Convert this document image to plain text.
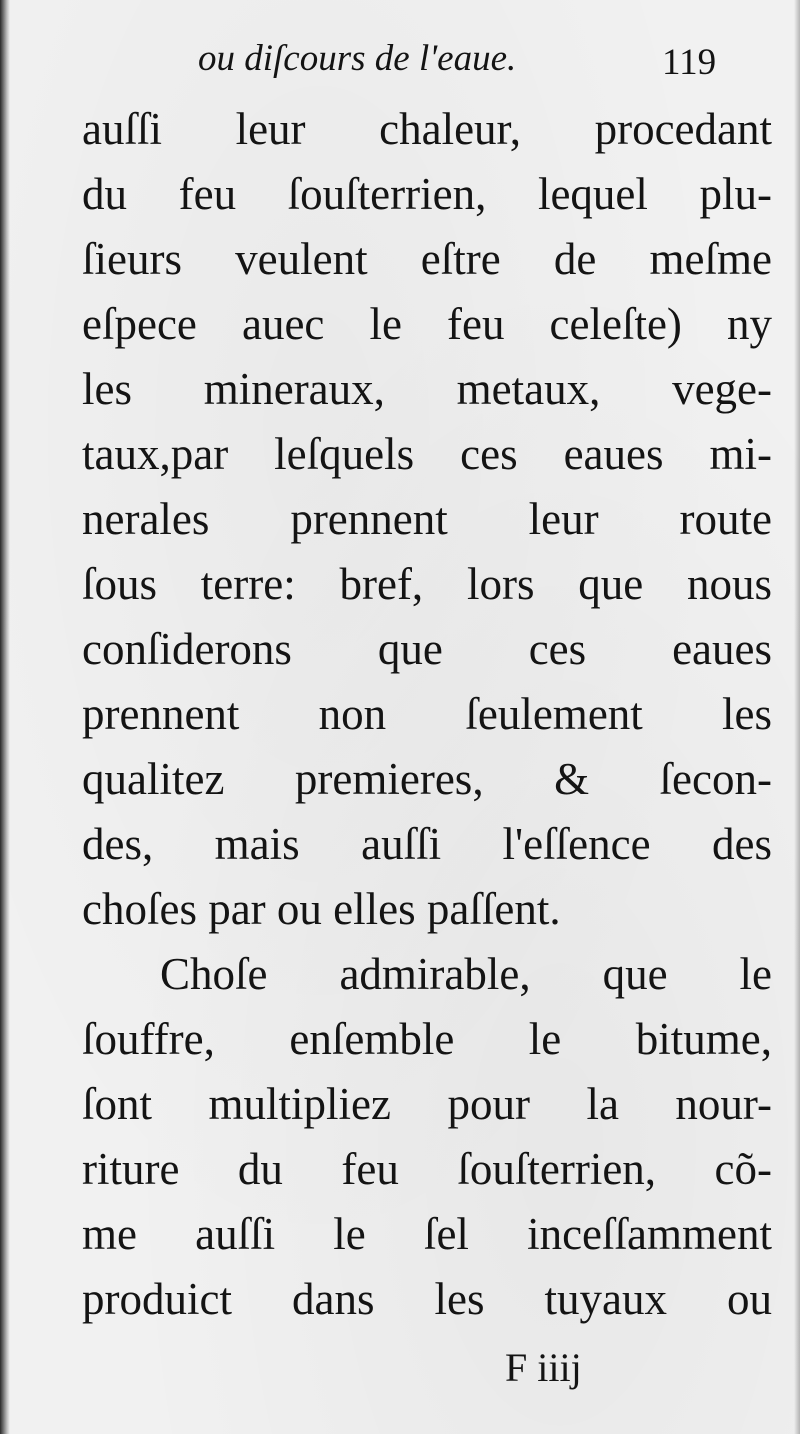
ou diſcours de l'eaue.	119
auſſi leur chaleur, procedant
du feu ſouſterrien, lequel plu-
ſieurs veulent eſtre de meſme
eſpece auec le feu celeſte) ny
les mineraux, metaux, vege-
taux,par leſquels ces eaues mi-
nerales prennent leur route
ſous terre: bref, lors que nous
conſiderons que ces eaues
prennent non ſeulement les
qualitez premieres, & ſecon-
des, mais auſſi l'eſſence des
choſes par ou elles paſſent.
Choſe admirable, que le
ſouffre, enſemble le bitume,
ſont multipliez pour la nour-
riture du feu ſouſterrien, cõ-
me auſſi le ſel inceſſamment
produict dans les tuyaux ou
F iiij
